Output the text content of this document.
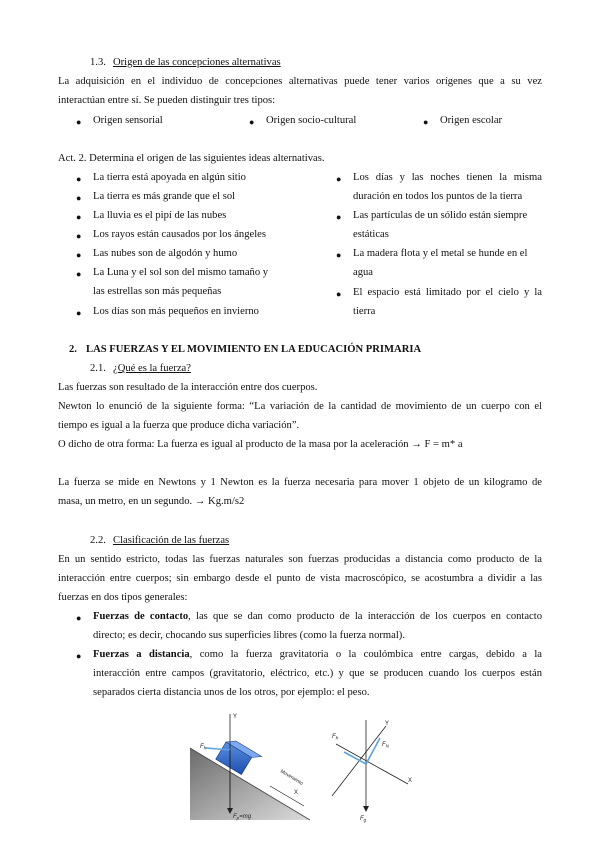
1.3. Origen de las concepciones alternativas
La adquisición en el individuo de concepciones alternativas puede tener varios orígenes que a su vez
interactúan entre sí. Se pueden distinguir tres tipos:
● Origen sensorial	● Origen socio-cultural	● Origen escolar
Act. 2. Determina el origen de las siguientes ideas alternativas.
● La tierra está apoyada en algún sitio
● La tierra es más grande que el sol
● La lluvia es el pipí de las nubes
● Los rayos están causados por los ángeles
● Las nubes son de algodón y humo
● La Luna y el sol son del mismo tamaño y
las estrellas son más pequeñas
● Los días son más pequeños en invierno
● Los días y las noches tienen la misma
duración en todos los puntos de la tierra
● Las partículas de un sólido están siempre
estáticas
● La madera flota y el metal se hunde en el
agua
● El espacio está limitado por el cielo y la
tierra
2. LAS FUERZAS Y EL MOVIMIENTO EN LA EDUCACIÓN PRIMARIA
2.1. ¿Qué es la fuerza?
Las fuerzas son resultado de la interacción entre dos cuerpos.
Newton lo enunció de la siguiente forma: “La variación de la cantidad de movimiento de un cuerpo con el
tiempo es igual a la fuerza que produce dicha variación”.
O dicho de otra forma: La fuerza es igual al producto de la masa por la aceleración → F = m* a
La fuerza se mide en Newtons y 1 Newton es la fuerza necesaria para mover 1 objeto de un kilogramo de
masa, un metro, en un segundo. → Kg.m/s2
2.2. Clasificación de las fuerzas
En un sentido estricto, todas las fuerzas naturales son fuerzas producidas a distancia como producto de la
interacción entre cuerpos; sin embargo desde el punto de vista macroscópico, se acostumbra a dividir a las
fuerzas en dos tipos generales:
● Fuerzas de contacto, las que se dan como producto de la interacción de los cuerpos en contacto
directo; es decir, chocando sus superficies libres (como la fuerza normal).
● Fuerzas a distancia, como la fuerza gravitatoria o la coulómbica entre cargas, debido a la
interacción entre campos (gravitatorio, eléctrico, etc.) y que se producen cuando los cuerpos están
separados cierta distancia unos de los otros, por ejemplo: el peso.
Y
$F_{fr}$
Movimiento
X
$F_p=mg$
X
Y
$F_N$
$F_{fr}$
$F_g$
